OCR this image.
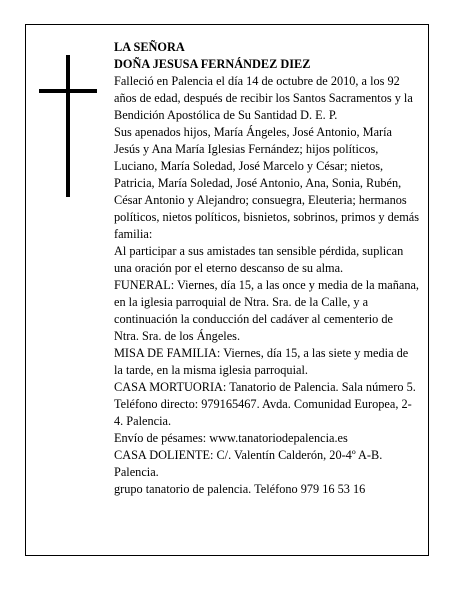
LA SEÑORA

DOÑA JESUSA FERNÁNDEZ DIEZ

Falleció en Palencia el día 14 de octubre de 2010, a los 92 años de edad, después de recibir los Santos Sacramentos y la Bendición Apostólica de Su Santidad D. E. P.

Sus apenados hijos, María Ángeles, José Antonio, María Jesús y Ana María Iglesias Fernández; hijos políticos, Luciano, María Soledad, José Marcelo y César; nietos, Patricia, María Soledad, José Antonio, Ana, Sonia, Rubén, César Antonio y Alejandro; consuegra, Eleuteria; hermanos políticos, nietos políticos, bisnietos, sobrinos, primos y demás familia:

Al participar a sus amistades tan sensible pérdida, suplican una oración por el eterno descanso de su alma.

FUNERAL: Viernes, día 15, a las once y media de la mañana, en la iglesia parroquial de Ntra. Sra. de la Calle, y a continuación la conducción del cadáver al cementerio de Ntra. Sra. de los Ángeles.

MISA DE FAMILIA: Viernes, día 15, a las siete y media de la tarde, en la misma iglesia parroquial.

CASA MORTUORIA: Tanatorio de Palencia. Sala número 5. Teléfono directo: 979165467. Avda. Comunidad Europea, 2-4. Palencia.

Envío de pésames: www.tanatoriodepalencia.es

CASA DOLIENTE: C/. Valentín Calderón, 20-4º A-B. Palencia.

grupo tanatorio de palencia. Teléfono 979 16 53 16
